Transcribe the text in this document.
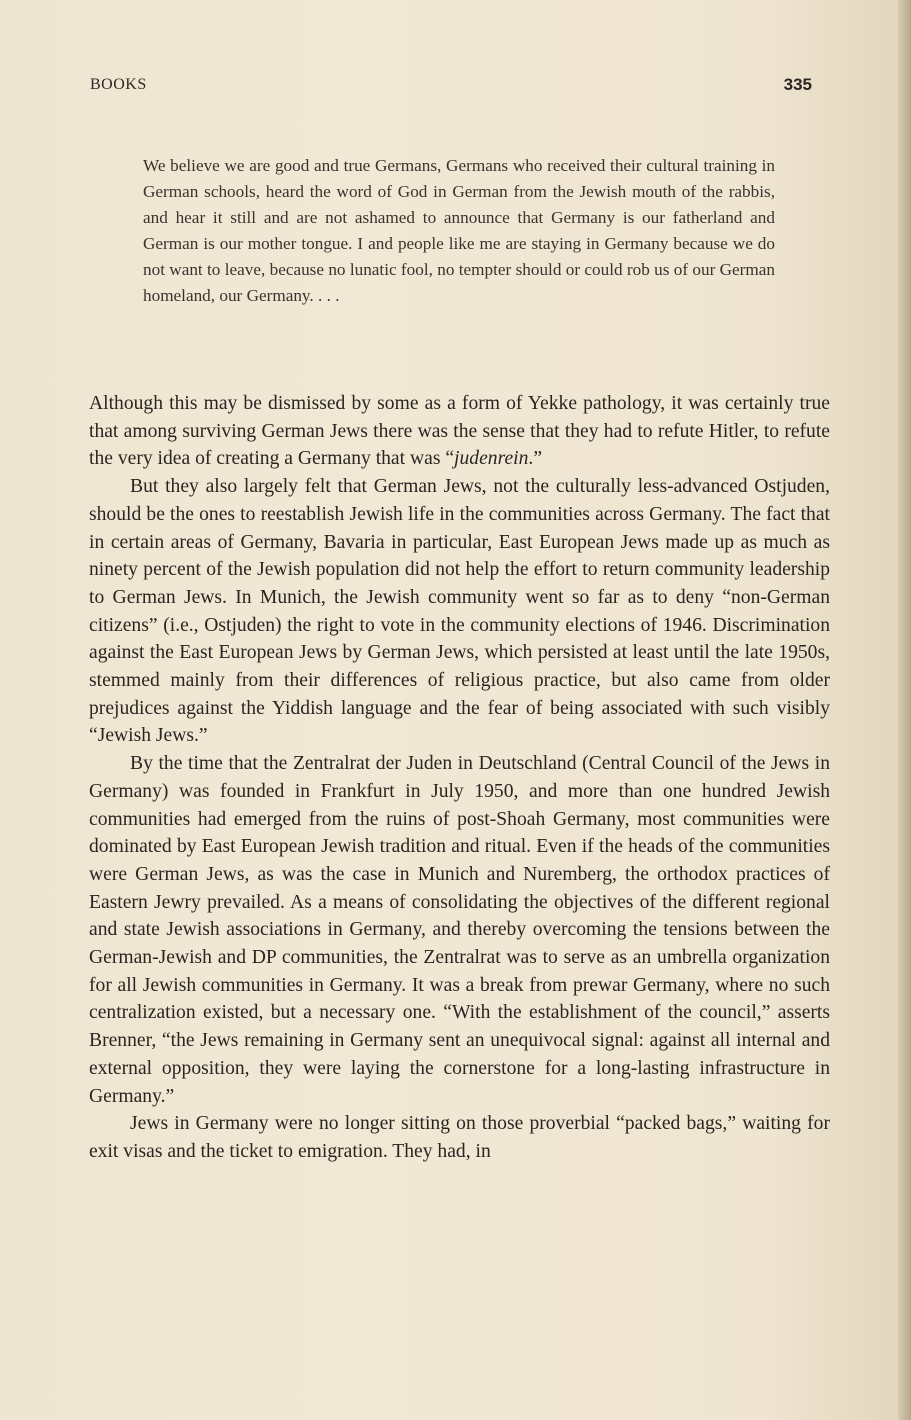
BOOKS	335
We believe we are good and true Germans, Germans who received their cultural training in German schools, heard the word of God in German from the Jewish mouth of the rabbis, and hear it still and are not ashamed to announce that Germany is our fatherland and German is our mother tongue. I and people like me are staying in Germany because we do not want to leave, because no lunatic fool, no tempter should or could rob us of our German homeland, our Germany. . . .

Although this may be dismissed by some as a form of Yekke pathology, it was certainly true that among surviving German Jews there was the sense that they had to refute Hitler, to refute the very idea of creating a Germany that was “judenrein.”

But they also largely felt that German Jews, not the culturally less-advanced Ostjuden, should be the ones to reestablish Jewish life in the communities across Germany. The fact that in certain areas of Germany, Bavaria in particular, East European Jews made up as much as ninety percent of the Jewish population did not help the effort to return community leadership to German Jews. In Munich, the Jewish community went so far as to deny “non-German citizens” (i.e., Ostjuden) the right to vote in the community elections of 1946. Discrimination against the East European Jews by German Jews, which persisted at least until the late 1950s, stemmed mainly from their differences of religious practice, but also came from older prejudices against the Yiddish language and the fear of being associated with such visibly “Jewish Jews.”

By the time that the Zentralrat der Juden in Deutschland (Central Council of the Jews in Germany) was founded in Frankfurt in July 1950, and more than one hundred Jewish communities had emerged from the ruins of post-Shoah Germany, most communities were dominated by East European Jewish tradition and ritual. Even if the heads of the communities were German Jews, as was the case in Munich and Nuremberg, the orthodox practices of Eastern Jewry prevailed. As a means of consolidating the objectives of the different regional and state Jewish associations in Germany, and thereby overcoming the tensions between the German-Jewish and DP communities, the Zentralrat was to serve as an umbrella organization for all Jewish communities in Germany. It was a break from prewar Germany, where no such centralization existed, but a necessary one. “With the establishment of the council,” asserts Brenner, “the Jews remaining in Germany sent an unequivocal signal: against all internal and external opposition, they were laying the cornerstone for a long-lasting infrastructure in Germany.”

Jews in Germany were no longer sitting on those proverbial “packed bags,” waiting for exit visas and the ticket to emigration. They had, in
